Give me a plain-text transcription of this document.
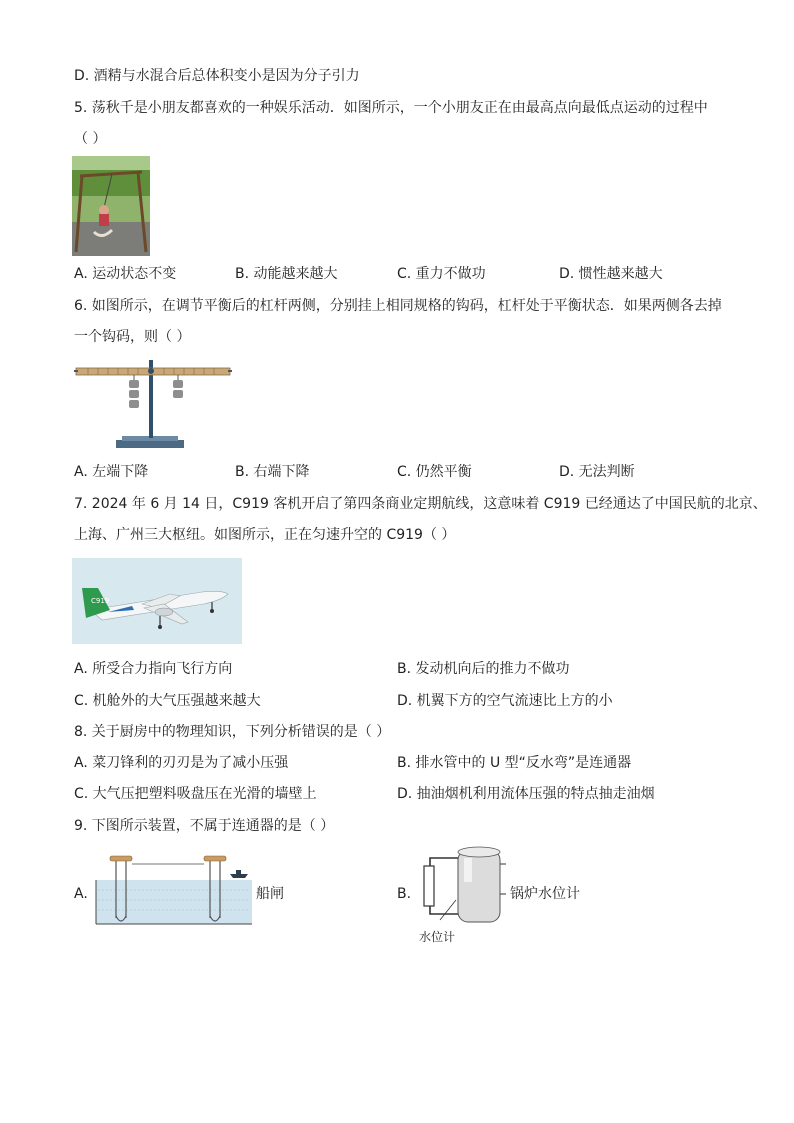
D. 酒精与水混合后总体积变小是因为分子引力
5. 荡秋千是小朋友都喜欢的一种娱乐活动．如图所示，一个小朋友正在由最高点向最低点运动的过程中
（ ）
A. 运动状态不变	B. 动能越来越大	C. 重力不做功	D. 惯性越来越大
6. 如图所示，在调节平衡后的杠杆两侧，分别挂上相同规格的钩码，杠杆处于平衡状态．如果两侧各去掉
一个钩码，则（ ）
A. 左端下降	B. 右端下降	C. 仍然平衡	D. 无法判断
7. 2024 年 6 月 14 日，C919 客机开启了第四条商业定期航线，这意味着 C919 已经通达了中国民航的北京、
上海、广州三大枢纽。如图所示，正在匀速升空的 C919（ ）
C919
A. 所受合力指向飞行方向	B. 发动机向后的推力不做功
C. 机舱外的大气压强越来越大	D. 机翼下方的空气流速比上方的小
8. 关于厨房中的物理知识，下列分析错误的是（ ）
A. 菜刀锋利的刃刃是为了减小压强	B. 排水管中的 U 型“反水弯”是连通器
C. 大气压把塑料吸盘压在光滑的墙壁上	D. 抽油烟机利用流体压强的特点抽走油烟
9. 下图所示装置，不属于连通器的是（ ）
A.	船闸	B.	锅炉水位计
水位计
